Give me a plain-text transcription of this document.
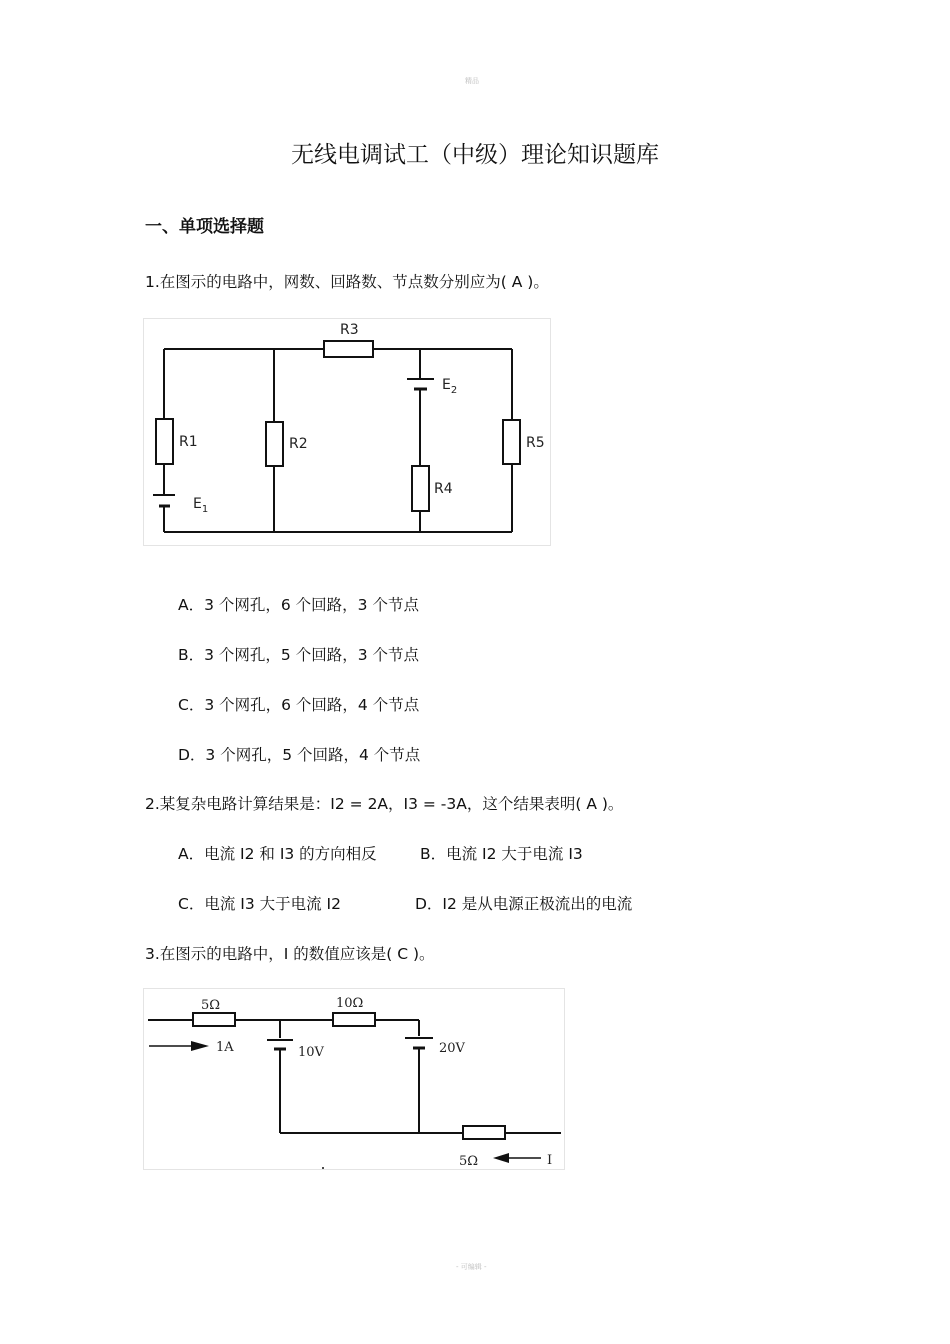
精品
无线电调试工（中级）理论知识题库
一、单项选择题
1.在图示的电路中，网数、回路数、节点数分别应为( A )。
R3
R1	R2
R4
R5
$E_1$
$E_2$
A．3 个网孔，6 个回路，3 个节点
B．3 个网孔，5 个回路，3 个节点
C．3 个网孔，6 个回路，4 个节点
D．3 个网孔，5 个回路，4 个节点
2.某复杂电路计算结果是：I2 = 2A，I3 = -3A，这个结果表明( A )。
A．电流 I2 和 I3 的方向相反	B．电流 I2 大于电流 I3
C．电流 I3 大于电流 I2	D．I2 是从电源正极流出的电流
3.在图示的电路中，I 的数值应该是( C )。
5Ω	10Ω
1A	10V	20V
5Ω	I
- 可编辑 -
